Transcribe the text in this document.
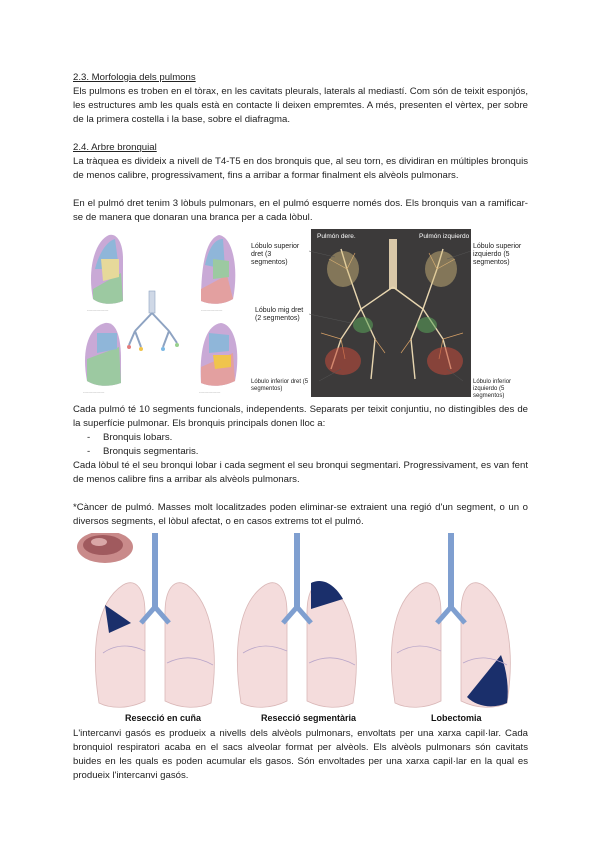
2.3. Morfologia dels pulmons

Els pulmons es troben en el tòrax, en les cavitats pleurals, laterals al mediastí. Com són de teixit esponjós, les estructures amb les quals està en contacte li deixen empremtes. A més, presenten el vèrtex, per sobre de la primera costella i la base, sobre el diafragma.

2.4. Arbre bronquial

La tràquea es divideix a nivell de T4-T5 en dos bronquis que, al seu torn, es dividiran en múltiples bronquis de menos calibre, progressivament, fins a arribar a formar finalment els alvèols pulmonars.

En el pulmó dret tenim 3 lòbuls pulmonars, en el pulmó esquerre només dos. Els bronquis van a ramificar-se de manera que donaran una branca per a cada lòbul.

----------------	----------------
----------------	----------------
Pulmón dere.	Pulmón izquierdo
Lóbulo superior dret (3 segmentos)
Lóbulo superior izquierdo (5 segmentos)
Lóbulo mig dret (2 segmentos)
Lóbulo inferior dret (5 segmentos)
Lóbulo inferior izquierdo (5 segmentos)

Cada pulmó té 10 segments funcionals, independents. Separats per teixit conjuntiu, no distingibles des de la superfície pulmonar. Els bronquis principals donen lloc a:

- Bronquis lobars.
- Bronquis segmentaris.

Cada lòbul té el seu bronqui lobar i cada segment el seu bronqui segmentari. Progressivament, es van fent de menos calibre fins a arribar als alvèols pulmonars.

*Càncer de pulmó. Masses molt localitzades poden eliminar-se extraient una regió d'un segment, o un o diversos segments, el lòbul afectat, o en casos extrems tot el pulmó.

Resecció en cuña	Resecció segmentària	Lobectomia

L'intercanvi gasós es produeix a nivells dels alvèols pulmonars, envoltats per una xarxa capil·lar. Cada bronquiol respiratori acaba en el sacs alveolar format per alvèols. Els alvèols pulmonars són cavitats buides en les quals es poden acumular els gasos. Són envoltades per una xarxa capil·lar en la qual es produeix l'intercanvi gasós.
